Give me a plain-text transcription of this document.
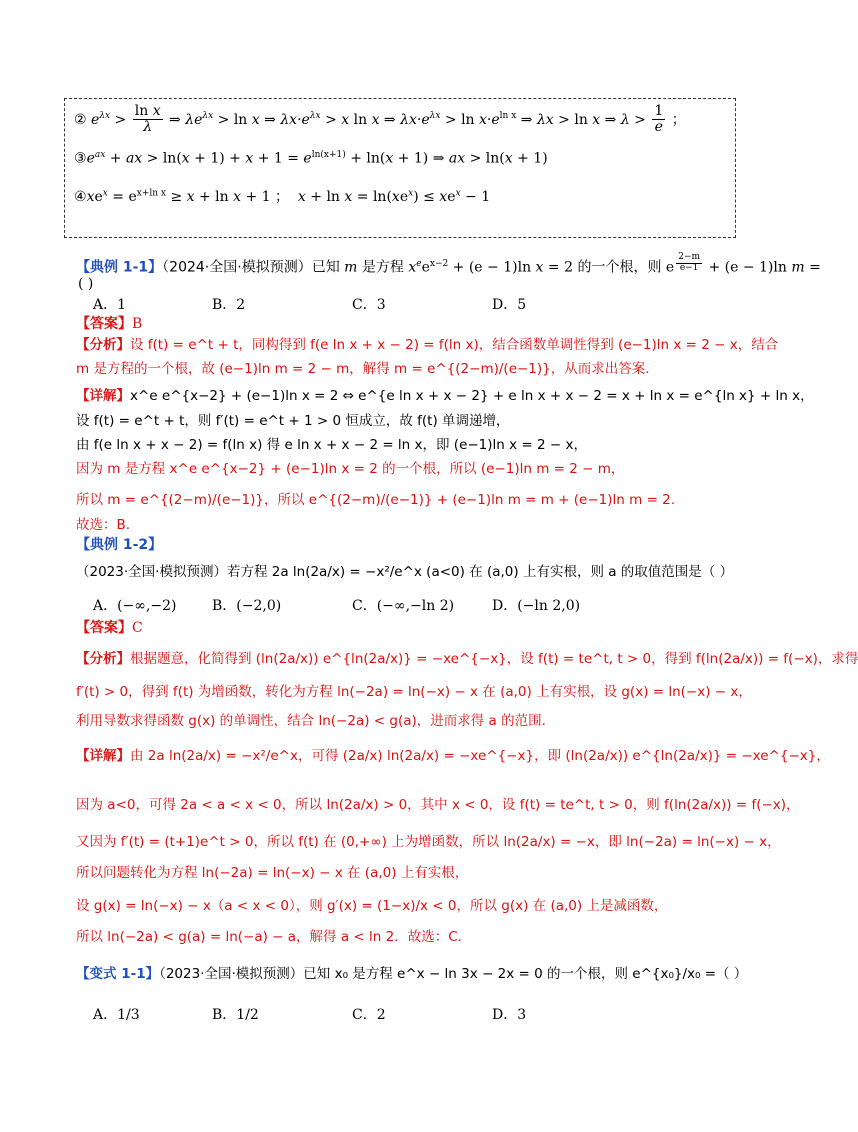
② $e^{\lambda x} > \frac{\text{ln x}}{\lambda}$ ⇒ $\lambda e^{\lambda x} > \ln x$ ⇒ $\lambda x\cdot e^{\lambda x} > x$ ln x ⇒ $\lambda x\cdot e^{\lambda x} > \ln x\cdot e^{ln x}$ ⇒ λx > ln x ⇒ $\lambda > \frac{1}{e}$ ；
$③e^{ax}$ + ax > $\ln(x + 1) + x + 1 = e^{ln(x+1)} + \ln(x + 1)$ ⇒ ax > ln(x + 1)
$④xe^x = e^{x+ln x} \ge x + \ln x + 1$ ；  $x + \ln x = \ln(xe^x) \le xe^x - 1$
【典例 1-1】（2024·全国·模拟预测）已知 m 是方程 $x^ee^{x-2} + (e - 1)\ln$ x = 2 的一个根，则 e $^{\frac{2-m}{e-1}}$ + (e − 1)ln m =
( )
A．1	B．2	C．3	D．5
【答案】B
【分析】设 f(t) = e^t + t，同构得到 f(e ln x + x − 2) = f(ln x)，结合函数单调性得到 (e−1)ln x = 2 − x，结合
m 是方程的一个根，故 (e−1)ln m = 2 − m，解得 m = e^{(2−m)/(e−1)}，从而求出答案.
【详解】x^e e^{x−2} + (e−1)ln x = 2 ⇔ e^{e ln x + x − 2} + e ln x + x − 2 = x + ln x = e^{ln x} + ln x，
设 f(t) = e^t + t，则 f′(t) = e^t + 1 > 0 恒成立，故 f(t) 单调递增，
由 f(e ln x + x − 2) = f(ln x) 得 e ln x + x − 2 = ln x，即 (e−1)ln x = 2 − x，
因为 m 是方程 x^e e^{x−2} + (e−1)ln x = 2 的一个根，所以 (e−1)ln m = 2 − m，
所以 m = e^{(2−m)/(e−1)}，所以 e^{(2−m)/(e−1)} + (e−1)ln m = m + (e−1)ln m = 2.
故选：B.
【典例 1-2】
（2023·全国·模拟预测）若方程 2a ln(2a/x) = −x²/e^x (a<0) 在 (a,0) 上有实根，则 a 的取值范围是（ ）
A．(−∞,−2)	B．(−2,0)	C．(−∞,−ln 2)	D．(−ln 2,0)
【答案】C
【分析】根据题意，化简得到 (ln(2a/x)) e^{ln(2a/x)} = −xe^{−x}，设 f(t) = te^t, t > 0，得到 f(ln(2a/x)) = f(−x)，求得
f′(t) > 0，得到 f(t) 为增函数，转化为方程 ln(−2a) = ln(−x) − x 在 (a,0) 上有实根，设 g(x) = ln(−x) − x，
利用导数求得函数 g(x) 的单调性，结合 ln(−2a) < g(a)，进而求得 a 的范围.
【详解】由 2a ln(2a/x) = −x²/e^x，可得 (2a/x) ln(2a/x) = −xe^{−x}，即 (ln(2a/x)) e^{ln(2a/x)} = −xe^{−x}，
因为 a<0，可得 2a < a < x < 0，所以 ln(2a/x) > 0，其中 x < 0，设 f(t) = te^t, t > 0，则 f(ln(2a/x)) = f(−x)，
又因为 f′(t) = (t+1)e^t > 0，所以 f(t) 在 (0,+∞) 上为增函数，所以 ln(2a/x) = −x，即 ln(−2a) = ln(−x) − x，
所以问题转化为方程 ln(−2a) = ln(−x) − x 在 (a,0) 上有实根，
设 g(x) = ln(−x) − x（a < x < 0），则 g′(x) = (1−x)/x < 0，所以 g(x) 在 (a,0) 上是减函数，
所以 ln(−2a) < g(a) = ln(−a) − a，解得 a < ln 2．故选：C．
【变式 1-1】（2023·全国·模拟预测）已知 x₀ 是方程 e^x − ln 3x − 2x = 0 的一个根，则 e^{x₀}/x₀ =（ ）
A．1/3	B．1/2	C．2	D．3
